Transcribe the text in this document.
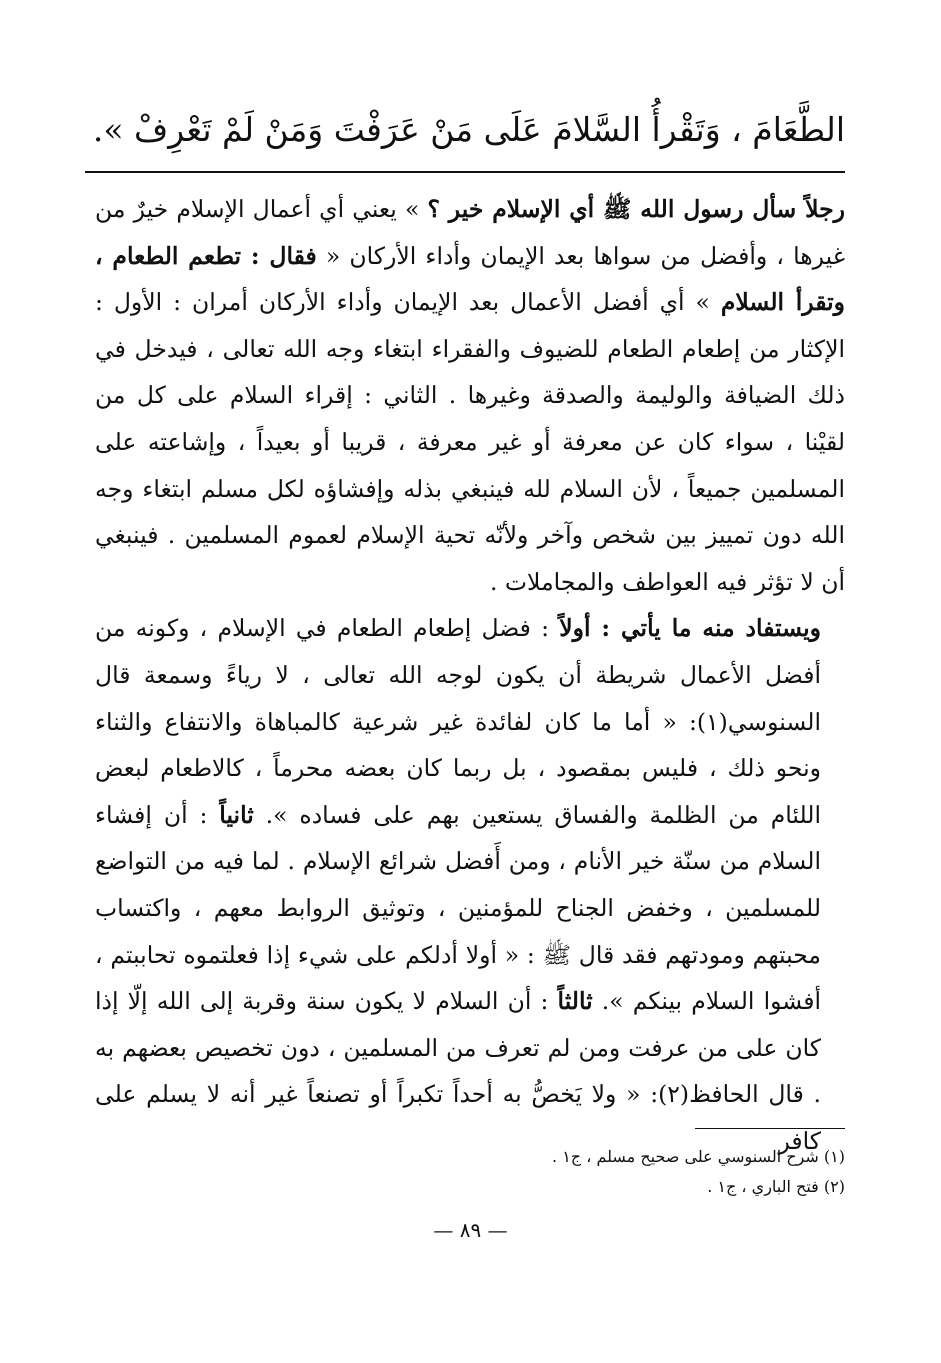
الطَّعَامَ ، وَتَقْرأُ السَّلامَ عَلَى مَنْ عَرَفْتَ وَمَنْ لَمْ تَعْرِفْ ».

رجلاً سأل رسول الله ﷺ أي الإسلام خير ؟ » يعني أي أعمال الإسلام خيرٌ من غيرها ، وأفضل من سواها بعد الإيمان وأداء الأركان « فقال : تطعم الطعام ، وتقرأ السلام » أي أفضل الأعمال بعد الإيمان وأداء الأركان أمران : الأول : الإكثار من إطعام الطعام للضيوف والفقراء ابتغاء وجه الله تعالى ، فيدخل في ذلك الضيافة والوليمة والصدقة وغيرها . الثاني : إقراء السلام على كل من لقيْنا ، سواء كان عن معرفة أو غير معرفة ، قريبا أو بعيداً ، وإشاعته على المسلمين جميعاً ، لأن السلام لله فينبغي بذله وإفشاؤه لكل مسلم ابتغاء وجه الله دون تمييز بين شخص وآخر ولأنّه تحية الإسلام لعموم المسلمين . فينبغي أن لا تؤثر فيه العواطف والمجاملات .

ويستفاد منه ما يأتي : أولاً : فضل إطعام الطعام في الإسلام ، وكونه من أفضل الأعمال شريطة أن يكون لوجه الله تعالى ، لا رياءً وسمعة قال السنوسي(١): « أما ما كان لفائدة غير شرعية كالمباهاة والانتفاع والثناء ونحو ذلك ، فليس بمقصود ، بل ربما كان بعضه محرماً ، كالاطعام لبعض اللئام من الظلمة والفساق يستعين بهم على فساده ». ثانياً : أن إفشاء السلام من سنّة خير الأنام ، ومن أَفضل شرائع الإسلام . لما فيه من التواضع للمسلمين ، وخفض الجناح للمؤمنين ، وتوثيق الروابط معهم ، واكتساب محبتهم ومودتهم فقد قال ﷺ : « أولا أدلكم على شيء إذا فعلتموه تحاببتم ، أفشوا السلام بينكم ». ثالثاً : أن السلام لا يكون سنة وقربة إلى الله إلّا إذا كان على من عرفت ومن لم تعرف من المسلمين ، دون تخصيص بعضهم به . قال الحافظ(٢): « ولا يَخصُّ به أحداً تكبراً أو تصنعاً غير أنه لا يسلم على كافر

(١) شرح السنوسي على صحيح مسلم ، ج١ .
(٢) فتح الباري ، ج١ .
— ٨٩ —
